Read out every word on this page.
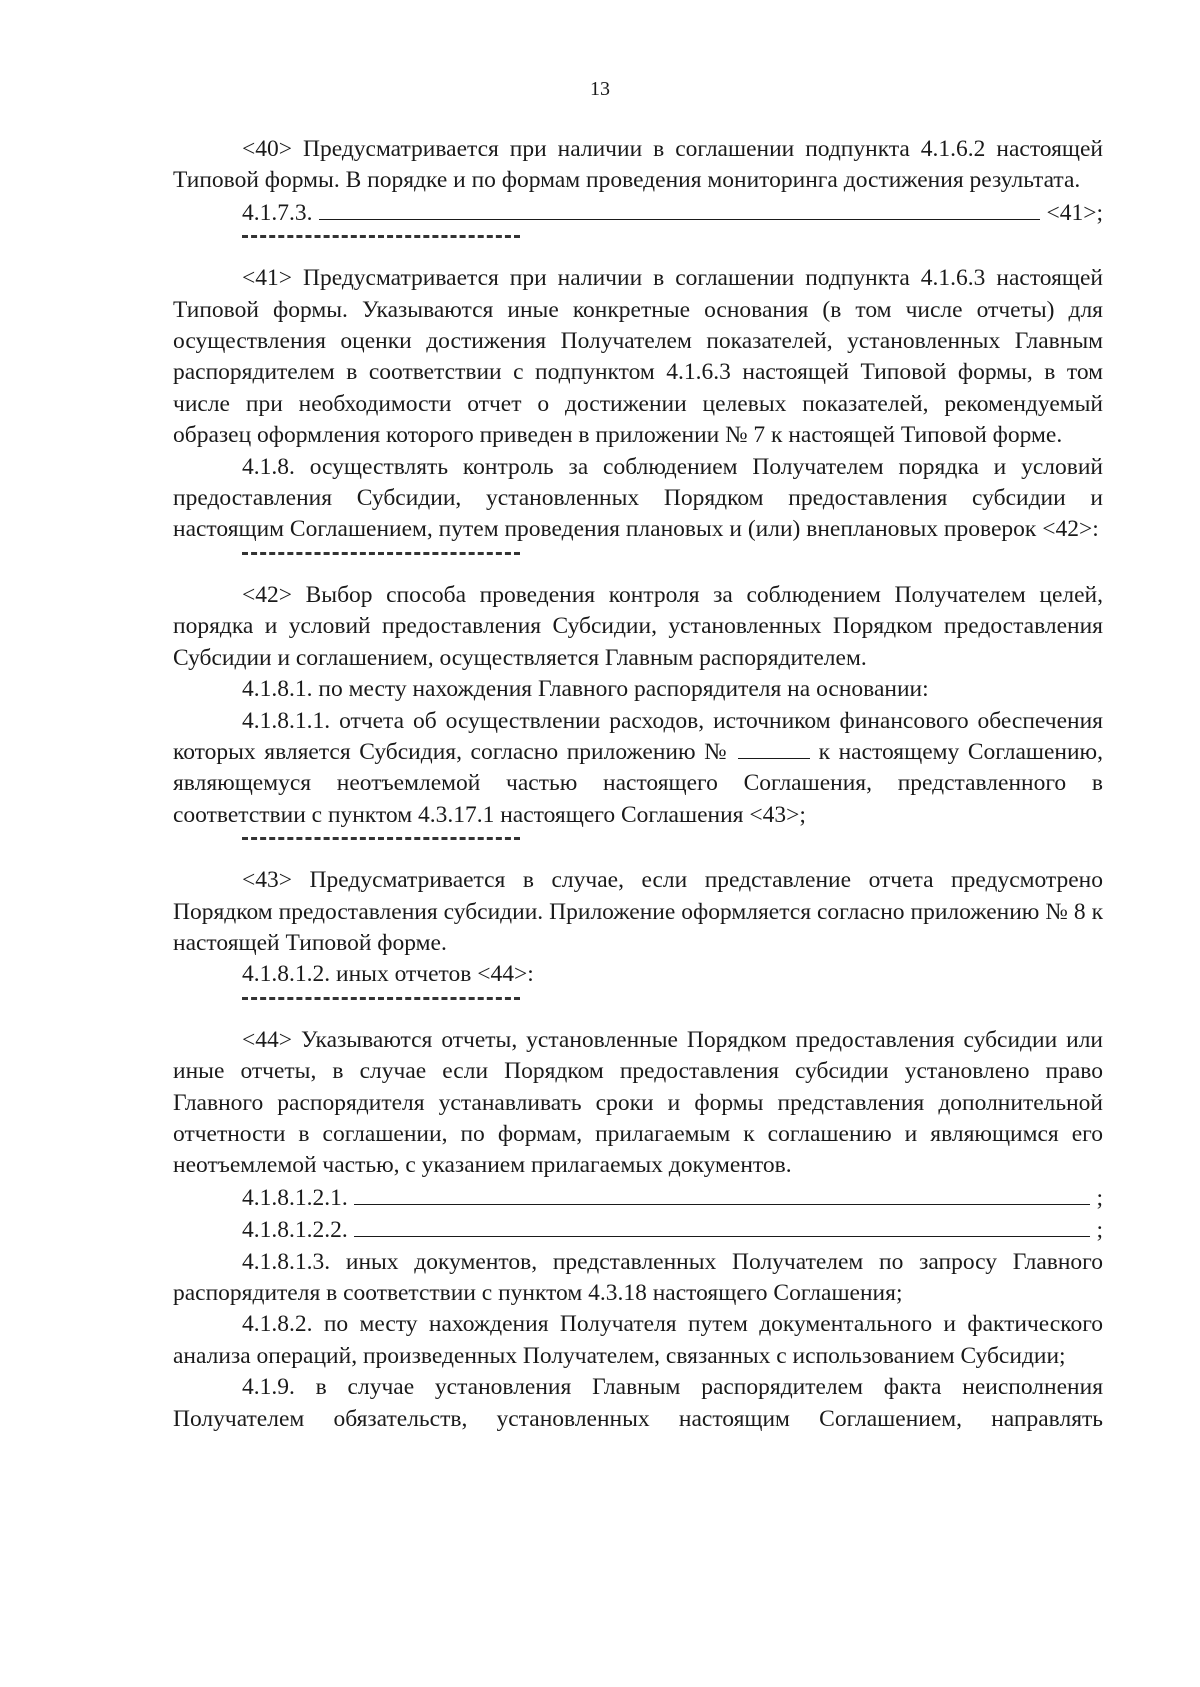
13

<40> Предусматривается при наличии в соглашении подпункта 4.1.6.2 настоящей Типовой формы. В порядке и по формам проведения мониторинга достижения результата.

4.1.7.3.	<41>;

<41> Предусматривается при наличии в соглашении подпункта 4.1.6.3 настоящей Типовой формы. Указываются иные конкретные основания (в том числе отчеты) для осуществления оценки достижения Получателем показателей, установленных Главным распорядителем в соответствии с подпунктом 4.1.6.3 настоящей Типовой формы, в том числе при необходимости отчет о достижении целевых показателей, рекомендуемый образец оформления которого приведен в приложении № 7 к настоящей Типовой форме.

4.1.8. осуществлять контроль за соблюдением Получателем порядка и условий предоставления Субсидии, установленных Порядком предоставления субсидии и настоящим Соглашением, путем проведения плановых и (или) внеплановых проверок <42>:

<42> Выбор способа проведения контроля за соблюдением Получателем целей, порядка и условий предоставления Субсидии, установленных Порядком предоставления Субсидии и соглашением, осуществляется Главным распорядителем.

4.1.8.1. по месту нахождения Главного распорядителя на основании:

4.1.8.1.1. отчета об осуществлении расходов, источником финансового обеспечения которых является Субсидия, согласно приложению №	к настоящему Соглашению, являющемуся неотъемлемой частью настоящего Соглашения, представленного в соответствии с пунктом 4.3.17.1 настоящего Соглашения <43>;

<43> Предусматривается в случае, если представление отчета предусмотрено Порядком предоставления субсидии. Приложение оформляется согласно приложению № 8 к настоящей Типовой форме.

4.1.8.1.2. иных отчетов <44>:

<44> Указываются отчеты, установленные Порядком предоставления субсидии или иные отчеты, в случае если Порядком предоставления субсидии установлено право Главного распорядителя устанавливать сроки и формы представления дополнительной отчетности в соглашении, по формам, прилагаемым к соглашению и являющимся его неотъемлемой частью, с указанием прилагаемых документов.

4.1.8.1.2.1.	;
4.1.8.1.2.2.	;

4.1.8.1.3. иных документов, представленных Получателем по запросу Главного распорядителя в соответствии с пунктом 4.3.18 настоящего Соглашения;

4.1.8.2. по месту нахождения Получателя путем документального и фактического анализа операций, произведенных Получателем, связанных с использованием Субсидии;

4.1.9. в случае установления Главным распорядителем факта неисполнения Получателем обязательств, установленных настоящим Соглашением, направлять
